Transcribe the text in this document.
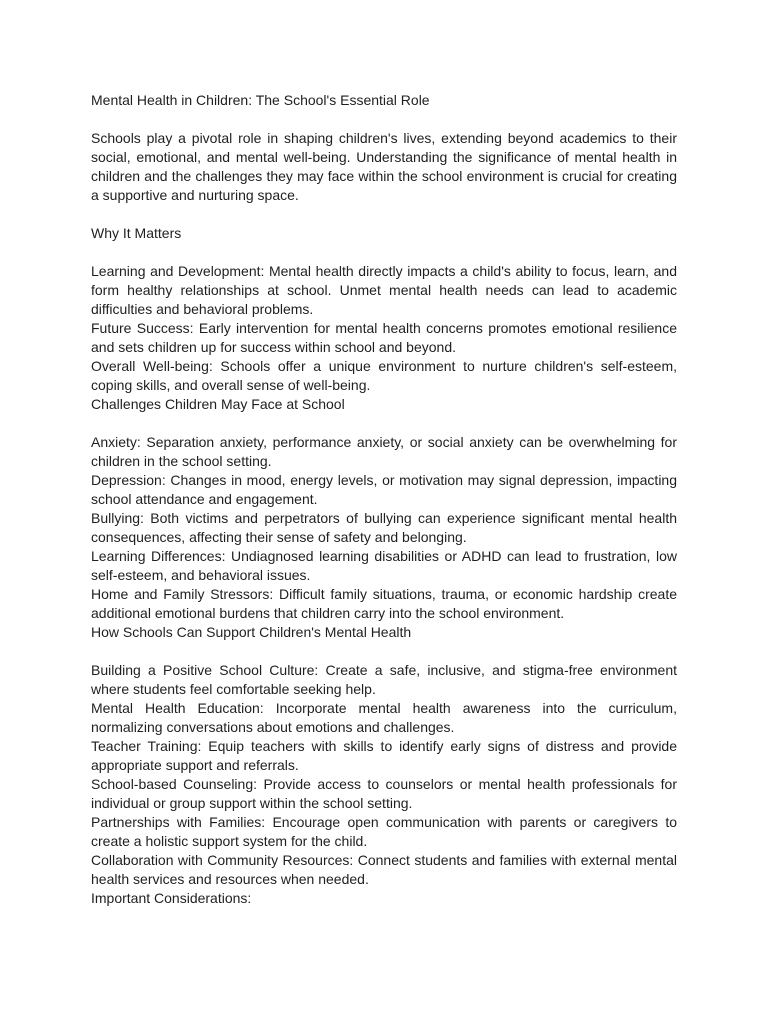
Mental Health in Children: The School's Essential Role

Schools play a pivotal role in shaping children's lives, extending beyond academics to their social, emotional, and mental well-being. Understanding the significance of mental health in children and the challenges they may face within the school environment is crucial for creating a supportive and nurturing space.

Why It Matters

Learning and Development: Mental health directly impacts a child's ability to focus, learn, and form healthy relationships at school. Unmet mental health needs can lead to academic difficulties and behavioral problems.

Future Success: Early intervention for mental health concerns promotes emotional resilience and sets children up for success within school and beyond.

Overall Well-being: Schools offer a unique environment to nurture children's self-esteem, coping skills, and overall sense of well-being.

Challenges Children May Face at School

Anxiety: Separation anxiety, performance anxiety, or social anxiety can be overwhelming for children in the school setting.

Depression: Changes in mood, energy levels, or motivation may signal depression, impacting school attendance and engagement.

Bullying: Both victims and perpetrators of bullying can experience significant mental health consequences, affecting their sense of safety and belonging.

Learning Differences: Undiagnosed learning disabilities or ADHD can lead to frustration, low self-esteem, and behavioral issues.

Home and Family Stressors: Difficult family situations, trauma, or economic hardship create additional emotional burdens that children carry into the school environment.

How Schools Can Support Children's Mental Health

Building a Positive School Culture: Create a safe, inclusive, and stigma-free environment where students feel comfortable seeking help.

Mental Health Education: Incorporate mental health awareness into the curriculum, normalizing conversations about emotions and challenges.

Teacher Training: Equip teachers with skills to identify early signs of distress and provide appropriate support and referrals.

School-based Counseling: Provide access to counselors or mental health professionals for individual or group support within the school setting.

Partnerships with Families: Encourage open communication with parents or caregivers to create a holistic support system for the child.

Collaboration with Community Resources: Connect students and families with external mental health services and resources when needed.

Important Considerations:
